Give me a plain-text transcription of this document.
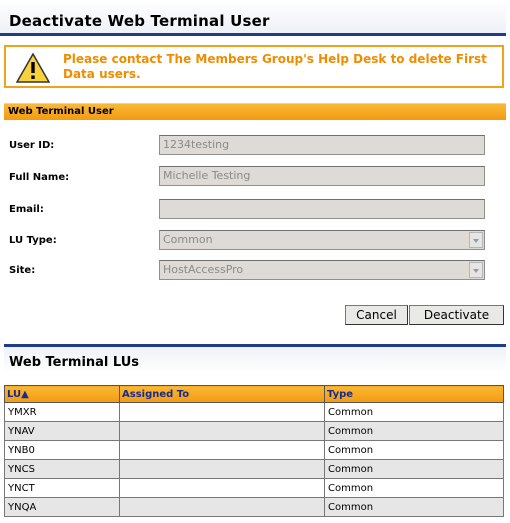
Deactivate Web Terminal User
Please contact The Members Group's Help Desk to delete First Data users.
Web Terminal User
User ID:	1234testing
Full Name:	Michelle Testing
Email:
LU Type:	Common
Site:	HostAccessPro
Cancel	Deactivate
Web Terminal LUs
LU▲	Assigned To	Type
YMXR		Common
YNAV		Common
YNB0		Common
YNCS		Common
YNCT		Common
YNQA		Common
